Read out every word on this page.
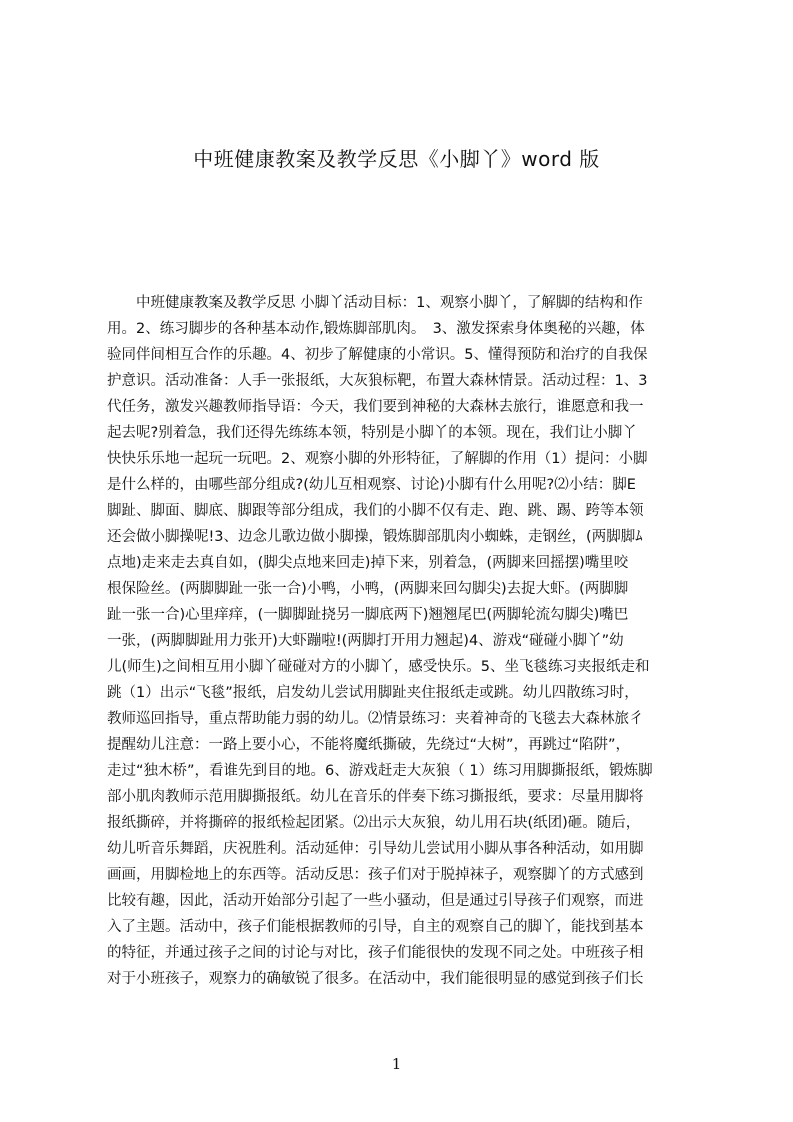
中班健康教案及教学反思《小脚丫》word 版
　　中班健康教案及教学反思 小脚丫活动目标：1、观察小脚丫，了解脚的结构和作
用。2、练习脚步的各种基本动作,锻炼脚部肌肉。　3、激发探索身体奥秘的兴趣，体
验同伴间相互合作的乐趣。4、初步了解健康的小常识。5、懂得预防和治疗的自我保
护意识。活动准备：人手一张报纸，大灰狼标靶，布置大森林情景。活动过程：1、3
代任务，激发兴趣教师指导语：今天，我们要到神秘的大森林去旅行，谁愿意和我一
起去呢?别着急，我们还得先练练本领，特别是小脚丫的本领。现在，我们让小脚丫
快快乐乐地一起玩一玩吧。2、观察小脚的外形特征，了解脚的作用（1）提问：小脚
是什么样的，由哪些部分组成?(幼儿互相观察、讨论)小脚有什么用呢?⑵小结：脚E
脚趾、脚面、脚底、脚跟等部分组成，我们的小脚不仅有走、跑、跳、踢、跨等本领
还会做小脚操呢!3、边念儿歌边做小脚操，锻炼脚部肌肉小蜘蛛，走钢丝，(两脚脚ﾑ
点地)走来走去真自如，(脚尖点地来回走)掉下来，别着急，(两脚来回摇摆)嘴里咬
根保险丝。(两脚脚趾一张一合)小鸭，小鸭，(两脚来回勾脚尖)去捉大虾。(两脚脚
趾一张一合)心里痒痒，(一脚脚趾挠另一脚底两下)翘翘尾巴(两脚轮流勾脚尖)嘴巴
一张，(两脚脚趾用力张开)大虾蹦啦!(两脚打开用力翘起)4、游戏“碰碰小脚丫”幼
儿(师生)之间相互用小脚丫碰碰对方的小脚丫，感受快乐。5、坐飞毯练习夹报纸走和
跳（1）出示“飞毯”报纸，启发幼儿尝试用脚趾夹住报纸走或跳。幼儿四散练习时，
教师巡回指导，重点帮助能力弱的幼儿。⑵情景练习：夹着神奇的飞毯去大森林旅彳
提醒幼儿注意：一路上要小心，不能将魔纸撕破，先绕过“大树”，再跳过“陷阱”，
走过“独木桥”，看谁先到目的地。6、游戏赶走大灰狼（ 1）练习用脚撕报纸，锻炼脚
部小肌肉教师示范用脚撕报纸。幼儿在音乐的伴奏下练习撕报纸，要求：尽量用脚将
报纸撕碎，并将撕碎的报纸检起团紧。⑵出示大灰狼，幼儿用石块(纸团)砸。随后，
幼儿听音乐舞蹈，庆祝胜利。活动延伸：引导幼儿尝试用小脚从事各种活动，如用脚
画画，用脚检地上的东西等。活动反思：孩子们对于脱掉袜子，观察脚丫的方式感到
比较有趣，因此，活动开始部分引起了一些小骚动，但是通过引导孩子们观察，而进
入了主题。活动中，孩子们能根据教师的引导，自主的观察自己的脚丫，能找到基本
的特征，并通过孩子之间的讨论与对比，孩子们能很快的发现不同之处。中班孩子相
对于小班孩子，观察力的确敏锐了很多。在活动中，我们能很明显的感觉到孩子们长
1
